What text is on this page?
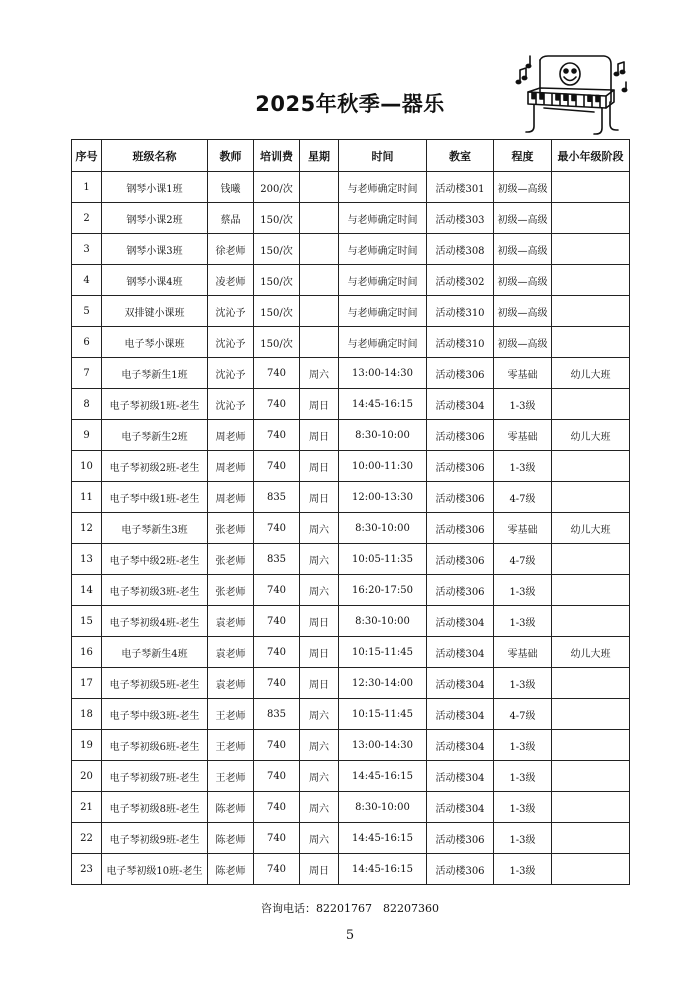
2025年秋季—器乐
序号	班级名称	教师	培训费	星期	时间	教室	程度	最小年级阶段
1	钢琴小课1班	钱曦	200/次		与老师确定时间	活动楼301	初级—高级	
2	钢琴小课2班	蔡晶	150/次		与老师确定时间	活动楼303	初级—高级	
3	钢琴小课3班	徐老师	150/次		与老师确定时间	活动楼308	初级—高级	
4	钢琴小课4班	凌老师	150/次		与老师确定时间	活动楼302	初级—高级	
5	双排键小课班	沈沁予	150/次		与老师确定时间	活动楼310	初级—高级	
6	电子琴小课班	沈沁予	150/次		与老师确定时间	活动楼310	初级—高级	
7	电子琴新生1班	沈沁予	740	周六	13:00-14:30	活动楼306	零基础	幼儿大班
8	电子琴初级1班-老生	沈沁予	740	周日	14:45-16:15	活动楼304	1-3级	
9	电子琴新生2班	周老师	740	周日	8:30-10:00	活动楼306	零基础	幼儿大班
10	电子琴初级2班-老生	周老师	740	周日	10:00-11:30	活动楼306	1-3级	
11	电子琴中级1班-老生	周老师	835	周日	12:00-13:30	活动楼306	4-7级	
12	电子琴新生3班	张老师	740	周六	8:30-10:00	活动楼306	零基础	幼儿大班
13	电子琴中级2班-老生	张老师	835	周六	10:05-11:35	活动楼306	4-7级	
14	电子琴初级3班-老生	张老师	740	周六	16:20-17:50	活动楼306	1-3级	
15	电子琴初级4班-老生	袁老师	740	周日	8:30-10:00	活动楼304	1-3级	
16	电子琴新生4班	袁老师	740	周日	10:15-11:45	活动楼304	零基础	幼儿大班
17	电子琴初级5班-老生	袁老师	740	周日	12:30-14:00	活动楼304	1-3级	
18	电子琴中级3班-老生	王老师	835	周六	10:15-11:45	活动楼304	4-7级	
19	电子琴初级6班-老生	王老师	740	周六	13:00-14:30	活动楼304	1-3级	
20	电子琴初级7班-老生	王老师	740	周六	14:45-16:15	活动楼304	1-3级	
21	电子琴初级8班-老生	陈老师	740	周六	8:30-10:00	活动楼304	1-3级	
22	电子琴初级9班-老生	陈老师	740	周六	14:45-16:15	活动楼306	1-3级	
23	电子琴初级10班-老生	陈老师	740	周日	14:45-16:15	活动楼306	1-3级	
咨询电话：82201767　82207360
5
